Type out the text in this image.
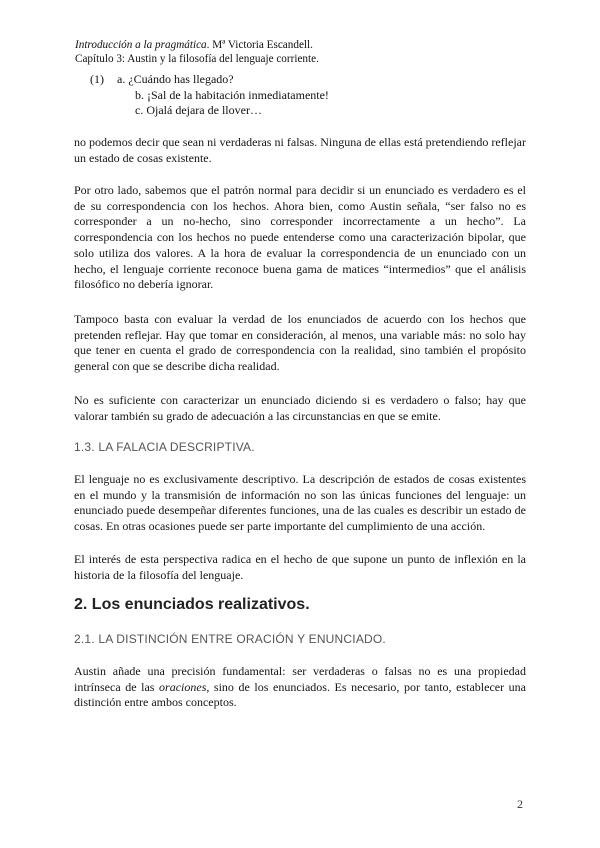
Introducción a la pragmática. Mª Victoria Escandell.
Capítulo 3: Austin y la filosofía del lenguaje corriente.
(1) a. ¿Cuándo has llegado?
b. ¡Sal de la habitación inmediatamente!
c. Ojalá dejara de llover…

no podemos decir que sean ni verdaderas ni falsas. Ninguna de ellas está pretendiendo reflejar un estado de cosas existente.

Por otro lado, sabemos que el patrón normal para decidir si un enunciado es verdadero es el de su correspondencia con los hechos. Ahora bien, como Austin señala, “ser falso no es corresponder a un no-hecho, sino corresponder incorrectamente a un hecho”. La correspondencia con los hechos no puede entenderse como una caracterización bipolar, que solo utiliza dos valores. A la hora de evaluar la correspondencia de un enunciado con un hecho, el lenguaje corriente reconoce buena gama de matices “intermedios” que el análisis filosófico no debería ignorar.

Tampoco basta con evaluar la verdad de los enunciados de acuerdo con los hechos que pretenden reflejar. Hay que tomar en consideración, al menos, una variable más: no solo hay que tener en cuenta el grado de correspondencia con la realidad, sino también el propósito general con que se describe dicha realidad.

No es suficiente con caracterizar un enunciado diciendo si es verdadero o falso; hay que valorar también su grado de adecuación a las circunstancias en que se emite.

1.3. LA FALACIA DESCRIPTIVA.

El lenguaje no es exclusivamente descriptivo. La descripción de estados de cosas existentes en el mundo y la transmisión de información no son las únicas funciones del lenguaje: un enunciado puede desempeñar diferentes funciones, una de las cuales es describir un estado de cosas. En otras ocasiones puede ser parte importante del cumplimiento de una acción.

El interés de esta perspectiva radica en el hecho de que supone un punto de inflexión en la historia de la filosofía del lenguaje.

2. Los enunciados realizativos.
2.1. LA DISTINCIÓN ENTRE ORACIÓN Y ENUNCIADO.

Austin añade una precisión fundamental: ser verdaderas o falsas no es una propiedad intrínseca de las oraciones, sino de los enunciados. Es necesario, por tanto, establecer una distinción entre ambos conceptos.

2
